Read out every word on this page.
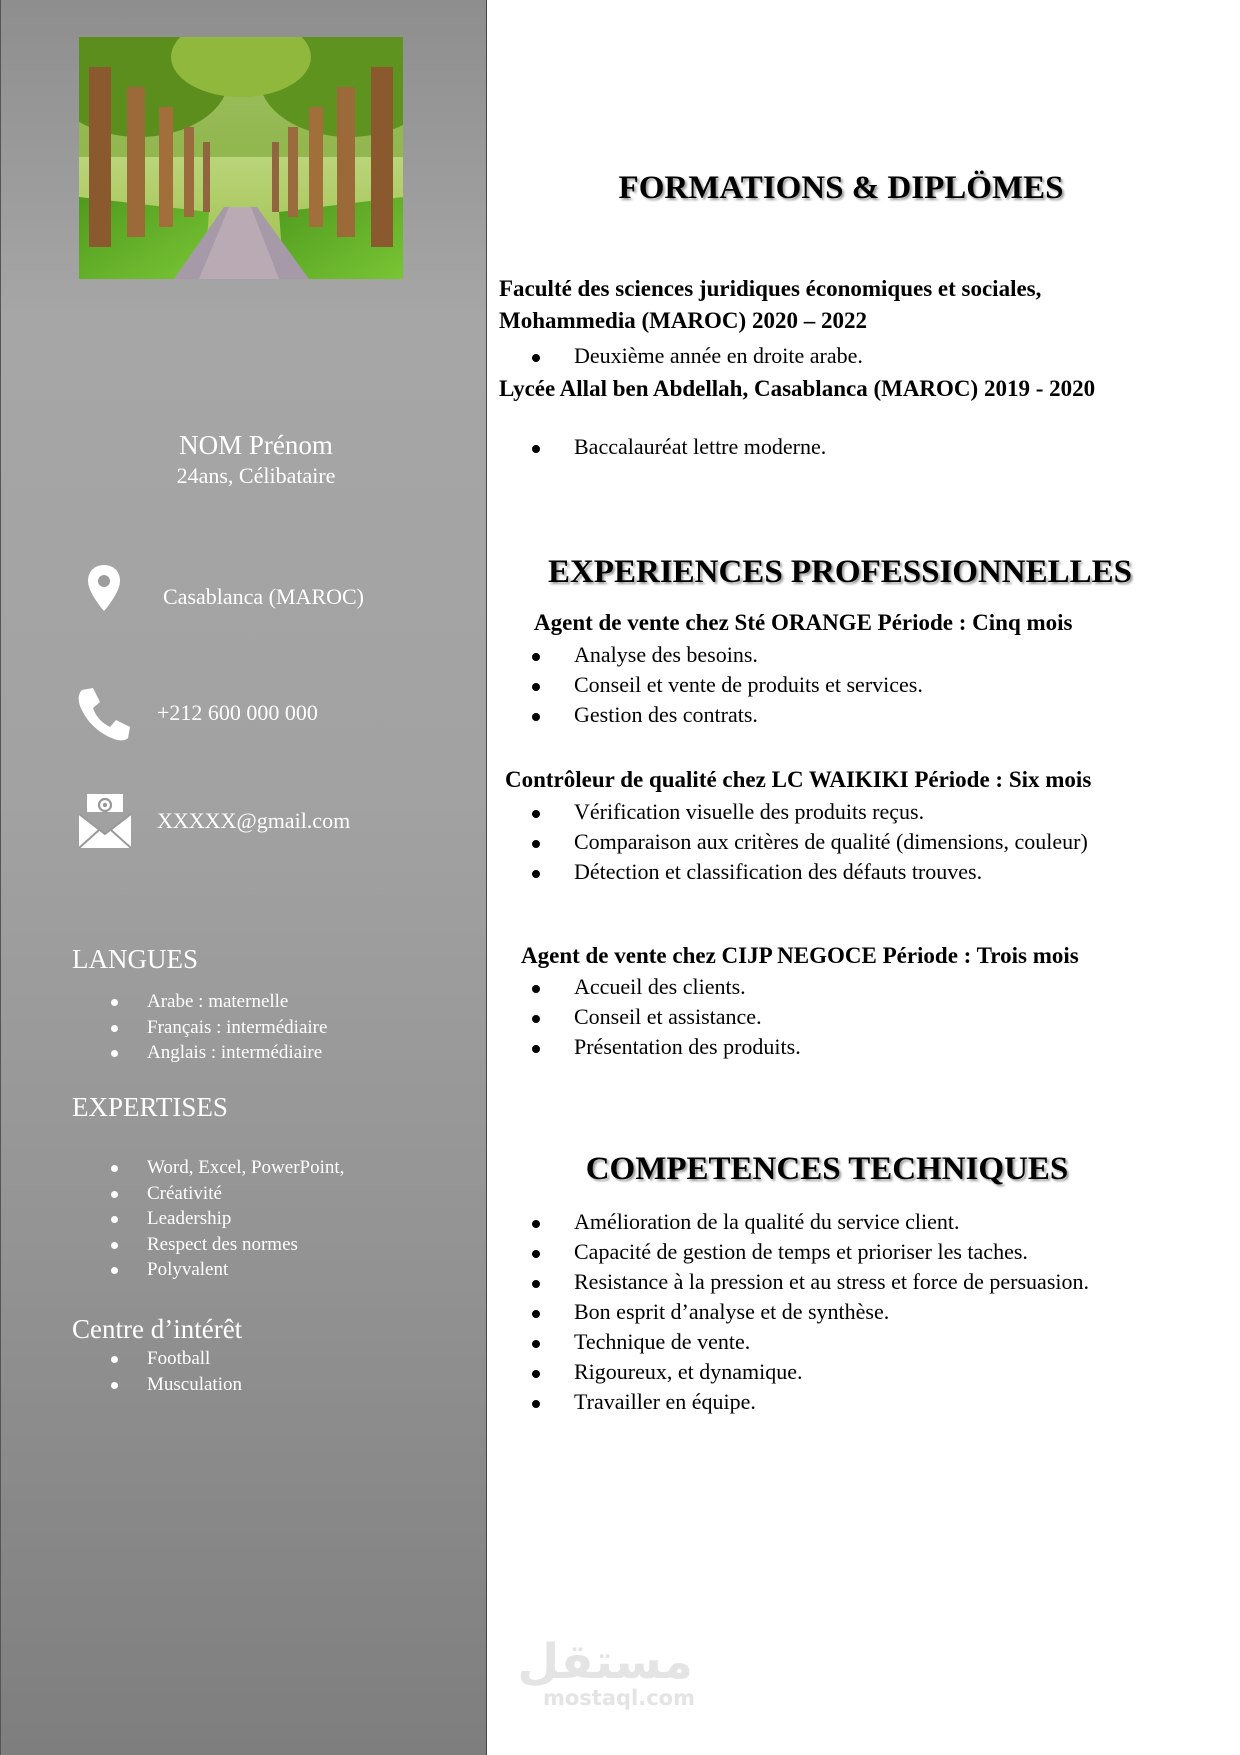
NOM Prénom
24ans, Célibataire
Casablanca (MAROC)
+212 600 000 000
XXXXX@gmail.com
LANGUES
Arabe : maternelle
Français : intermédiaire
Anglais : intermédiaire
EXPERTISES
Word, Excel, PowerPoint,
Créativité
Leadership
Respect des normes
Polyvalent
Centre d’intérêt
Football
Musculation
FORMATIONS & DIPLÖMES
Faculté des sciences juridiques économiques et sociales,
Mohammedia (MAROC) 2020 – 2022
Deuxième année en droite arabe.
Lycée Allal ben Abdellah, Casablanca (MAROC) 2019 - 2020
Baccalauréat lettre moderne.
EXPERIENCES PROFESSIONNELLES
Agent de vente chez Sté ORANGE Période : Cinq mois
Analyse des besoins.
Conseil et vente de produits et services.
Gestion des contrats.
Contrôleur de qualité chez LC WAIKIKI Période : Six mois
Vérification visuelle des produits reçus.
Comparaison aux critères de qualité (dimensions, couleur)
Détection et classification des défauts trouves.
Agent de vente chez CIJP NEGOCE Période : Trois mois
Accueil des clients.
Conseil et assistance.
Présentation des produits.
COMPETENCES TECHNIQUES
Amélioration de la qualité du service client.
Capacité de gestion de temps et prioriser les taches.
Resistance à la pression et au stress et force de persuasion.
Bon esprit d’analyse et de synthèse.
Technique de vente.
Rigoureux, et dynamique.
Travailler en équipe.
مستقل
mostaql.com
